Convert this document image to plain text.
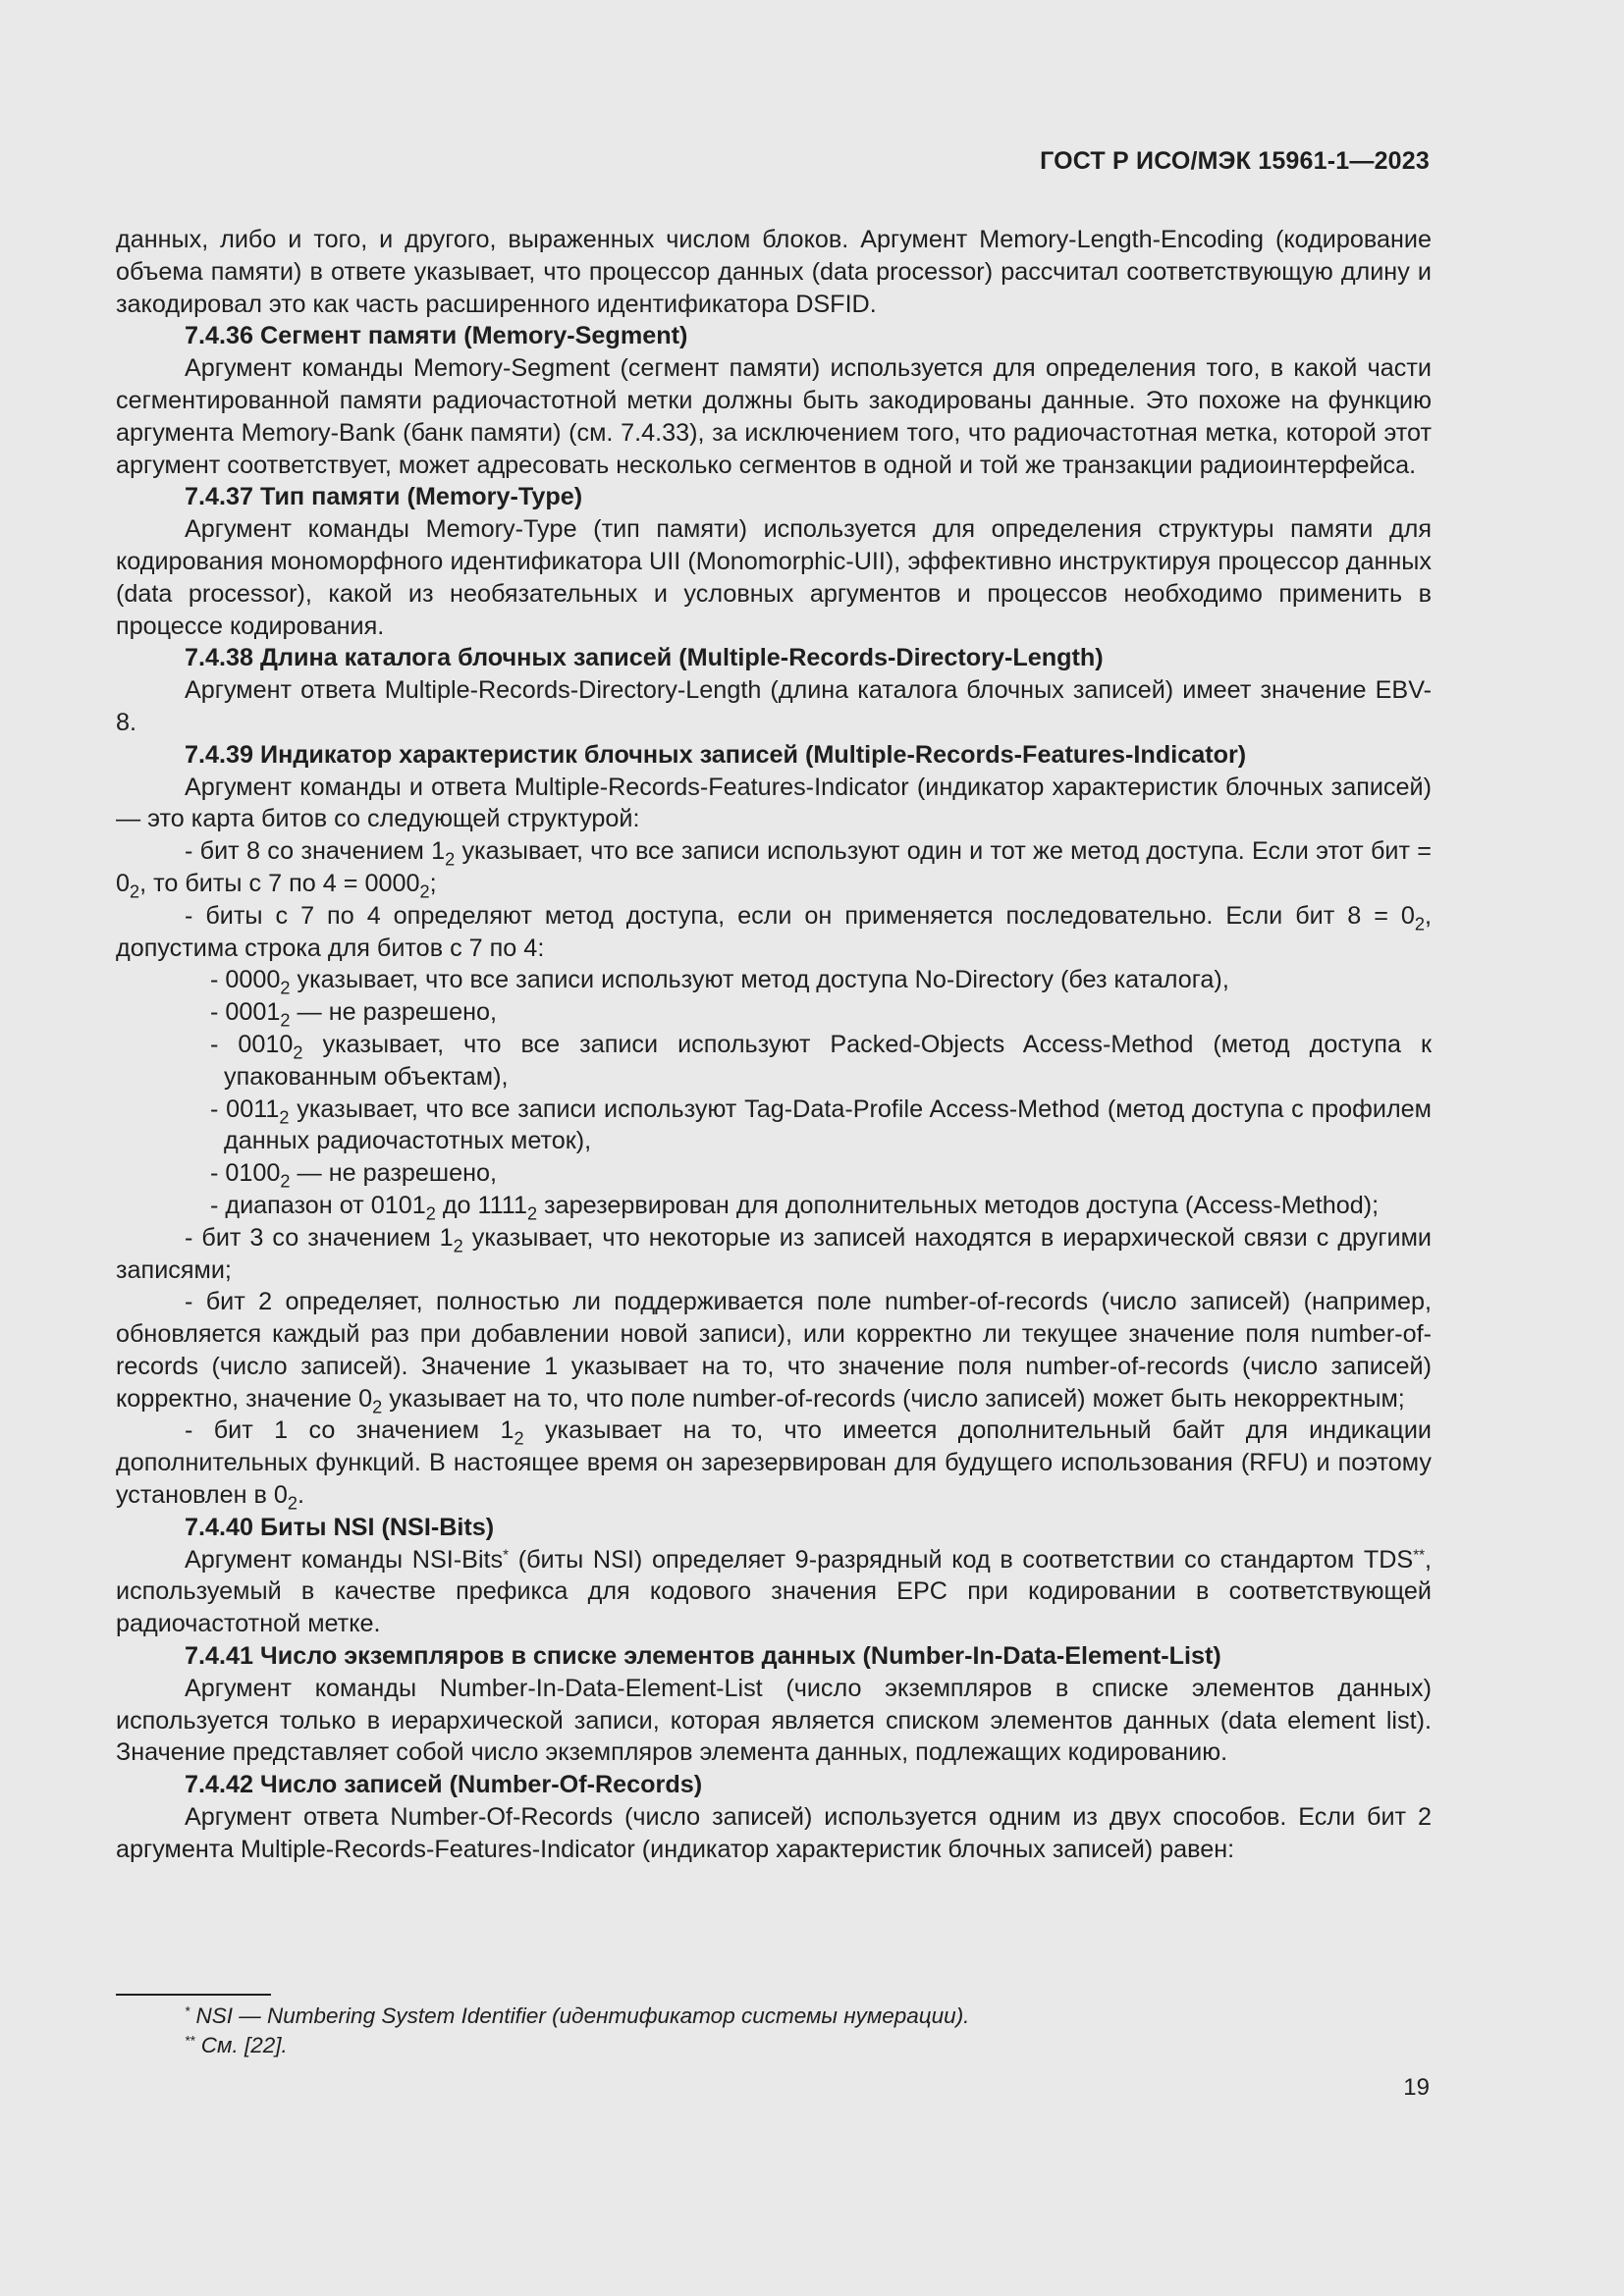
ГОСТ Р ИСО/МЭК 15961-1—2023

данных, либо и того, и другого, выраженных числом блоков. Аргумент Memory-Length-Encoding (кодирование объема памяти) в ответе указывает, что процессор данных (data processor) рассчитал соответствующую длину и закодировал это как часть расширенного идентификатора DSFID.

7.4.36 Сегмент памяти (Memory-Segment)

Аргумент команды Memory-Segment (сегмент памяти) используется для определения того, в какой части сегментированной памяти радиочастотной метки должны быть закодированы данные. Это похоже на функцию аргумента Memory-Bank (банк памяти) (см. 7.4.33), за исключением того, что радиочастотная метка, которой этот аргумент соответствует, может адресовать несколько сегментов в одной и той же транзакции радиоинтерфейса.

7.4.37 Тип памяти (Memory-Type)

Аргумент команды Memory-Type (тип памяти) используется для определения структуры памяти для кодирования мономорфного идентификатора UII (Monomorphic-UII), эффективно инструктируя процессор данных (data processor), какой из необязательных и условных аргументов и процессов необходимо применить в процессе кодирования.

7.4.38 Длина каталога блочных записей (Multiple-Records-Directory-Length)

Аргумент ответа Multiple-Records-Directory-Length (длина каталога блочных записей) имеет значение EBV-8.

7.4.39 Индикатор характеристик блочных записей (Multiple-Records-Features-Indicator)

Аргумент команды и ответа Multiple-Records-Features-Indicator (индикатор характеристик блочных записей) — это карта битов со следующей структурой:

- бит 8 со значением $1_2$ указывает, что все записи используют один и тот же метод доступа. Если этот бит = $0_2$, то биты с 7 по $4 = 0000_2$;

- биты с 7 по 4 определяют метод доступа, если он применяется последовательно. Если бит $8 = 0_2$, допустима строка для битов с 7 по 4:

- $0000_2$ указывает, что все записи используют метод доступа No-Directory (без каталога),

- $0001_2$ — не разрешено,

- $0010_2$ указывает, что все записи используют Packed-Objects Access-Method (метод доступа к упакованным объектам),

- $0011_2$ указывает, что все записи используют Tag-Data-Profile Access-Method (метод доступа с профилем данных радиочастотных меток),

- $0100_2$ — не разрешено,

- диапазон от $0101_2$ до $1111_2$ зарезервирован для дополнительных методов доступа (Access-Method);

- бит 3 со значением $1_2$ указывает, что некоторые из записей находятся в иерархической связи с другими записями;

- бит 2 определяет, полностью ли поддерживается поле number-of-records (число записей) (например, обновляется каждый раз при добавлении новой записи), или корректно ли текущее значение поля number-of-records (число записей). Значение 1 указывает на то, что значение поля number-of-records (число записей) корректно, значение $0_2$ указывает на то, что поле number-of-records (число записей) может быть некорректным;

- бит 1 со значением $1_2$ указывает на то, что имеется дополнительный байт для индикации дополнительных функций. В настоящее время он зарезервирован для будущего использования (RFU) и поэтому установлен в $0_2$.

7.4.40 Биты NSI (NSI-Bits)

Аргумент команды NSI-Bits* (биты NSI) определяет 9-разрядный код в соответствии со стандартом TDS**, используемый в качестве префикса для кодового значения EPC при кодировании в соответствующей радиочастотной метке.

7.4.41 Число экземпляров в списке элементов данных (Number-In-Data-Element-List)

Аргумент команды Number-In-Data-Element-List (число экземпляров в списке элементов данных) используется только в иерархической записи, которая является списком элементов данных (data element list). Значение представляет собой число экземпляров элемента данных, подлежащих кодированию.

7.4.42 Число записей (Number-Of-Records)

Аргумент ответа Number-Of-Records (число записей) используется одним из двух способов. Если бит 2 аргумента Multiple-Records-Features-Indicator (индикатор характеристик блочных записей) равен:

* NSI — Numbering System Identifier (идентификатор системы нумерации).

** См. [22].

19
